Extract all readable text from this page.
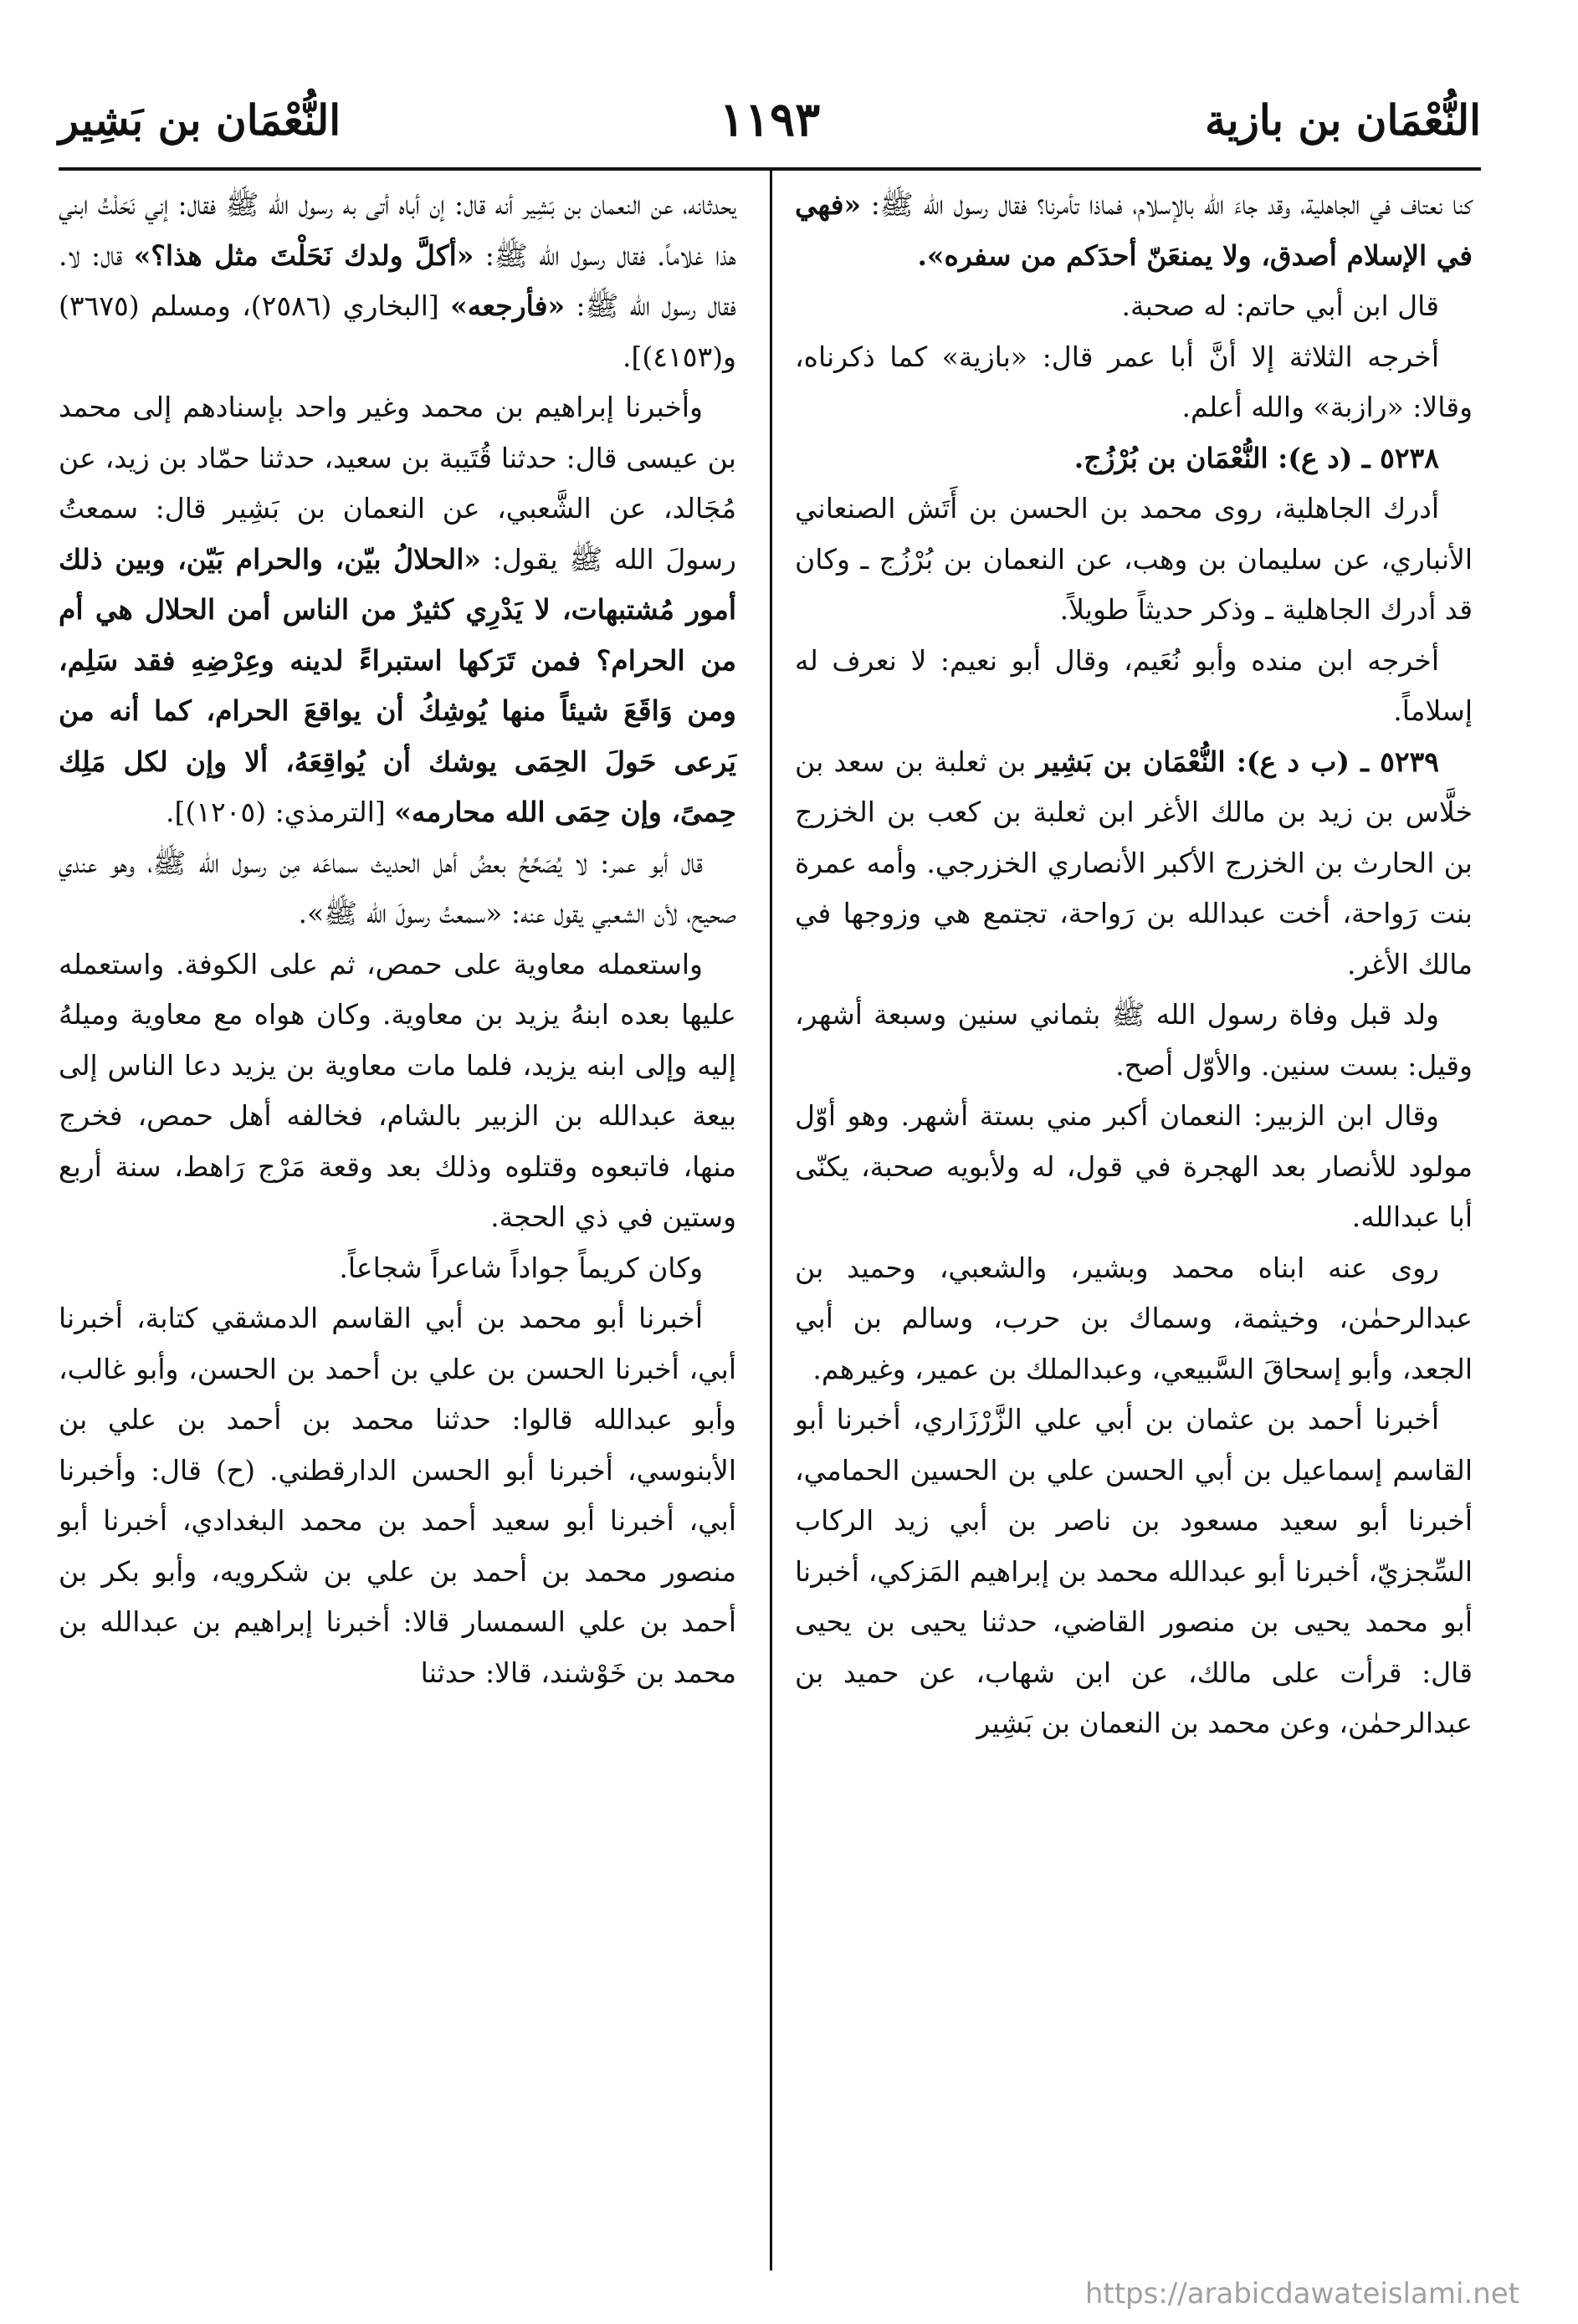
النُّعْمَان بن بازية
١١٩٣
النُّعْمَان بن بَشِير

كنا نعتاف في الجاهلية، وقد جاءَ الله بالإسلام، فماذا تأمرنا؟ فقال رسول الله ﷺ: «فهي في الإسلام أصدق، ولا يمنعَنّ أحدَكم من سفره».

قال ابن أبي حاتم: له صحبة.

أخرجه الثلاثة إلا أنَّ أبا عمر قال: «بازية» كما ذكرناه، وقالا: «رازبة» والله أعلم.

٥٢٣٨ ـ (د ع): النُّعْمَان بن بُرْزُج.

أدرك الجاهلية، روى محمد بن الحسن بن أَتَش الصنعاني الأنباري، عن سليمان بن وهب، عن النعمان بن بُرْزُج ـ وكان قد أدرك الجاهلية ـ وذكر حديثاً طويلاً.

أخرجه ابن منده وأبو نُعَيم، وقال أبو نعيم: لا نعرف له إسلاماً.

٥٢٣٩ ـ (ب د ع): النُّعْمَان بن بَشِير بن ثعلبة بن سعد بن خلَّاس بن زيد بن مالك الأغر ابن ثعلبة بن كعب بن الخزرج بن الحارث بن الخزرج الأكبر الأنصاري الخزرجي. وأمه عمرة بنت رَواحة، أخت عبدالله بن رَواحة، تجتمع هي وزوجها في مالك الأغر.

ولد قبل وفاة رسول الله ﷺ بثماني سنين وسبعة أشهر، وقيل: بست سنين. والأوّل أصح.

وقال ابن الزبير: النعمان أكبر مني بستة أشهر. وهو أوّل مولود للأنصار بعد الهجرة في قول، له ولأبويه صحبة، يكنّى أبا عبدالله.

روى عنه ابناه محمد وبشير، والشعبي، وحميد بن عبدالرحمٰن، وخيثمة، وسماك بن حرب، وسالم بن أبي الجعد، وأبو إسحاقَ السَّبيعي، وعبدالملك بن عمير، وغيرهم.

أخبرنا أحمد بن عثمان بن أبي علي الزَّرْزَاري، أخبرنا أبو القاسم إسماعيل بن أبي الحسن علي بن الحسين الحمامي، أخبرنا أبو سعيد مسعود بن ناصر بن أبي زيد الركاب السِّجزيّ، أخبرنا أبو عبدالله محمد بن إبراهيم المَزكي، أخبرنا أبو محمد يحيى بن منصور القاضي، حدثنا يحيى بن يحيى قال: قرأت على مالك، عن ابن شهاب، عن حميد بن عبدالرحمٰن، وعن محمد بن النعمان بن بَشِير

يحدثانه، عن النعمان بن بَشِير أنه قال: إن أباه أتى به رسول الله ﷺ فقال: إني نَحَلْتُ ابني هذا غلاماً. فقال رسول الله ﷺ: «أكلَّ ولدك نَحَلْتَ مثل هذا؟» قال: لا. فقال رسول الله ﷺ: «فأرجعه» [البخاري (٢٥٨٦)، ومسلم (٣٦٧٥) و(٤١٥٣)].

وأخبرنا إبراهيم بن محمد وغير واحد بإسنادهم إلى محمد بن عيسى قال: حدثنا قُتَيبة بن سعيد، حدثنا حمّاد بن زيد، عن مُجَالد، عن الشَّعبي، عن النعمان بن بَشِير قال: سمعتُ رسولَ الله ﷺ يقول: «الحلالُ بيّن، والحرام بَيّن، وبين ذلك أمور مُشتبهات، لا يَدْرِي كثيرٌ من الناس أمن الحلال هي أم من الحرام؟ فمن تَرَكها استبراءً لدينه وعِرْضِهِ فقد سَلِم، ومن وَاقَعَ شيئاً منها يُوشِكُ أن يواقعَ الحرام، كما أنه من يَرعى حَولَ الحِمَى يوشك أن يُواقِعَهُ، ألا وإن لكل مَلِك حِمىً، وإن حِمَى الله محارمه» [الترمذي: (١٢٠٥)].

قال أبو عمر: لا يُصَحِّحُ بعضُ أهل الحديث سماعَه مِن رسول الله ﷺ، وهو عندي صحيح، لأن الشعبي يقول عنه: «سمعتُ رسولَ الله ﷺ».

واستعمله معاوية على حمص، ثم على الكوفة. واستعمله عليها بعده ابنهُ يزيد بن معاوية. وكان هواه مع معاوية وميلهُ إليه وإلى ابنه يزيد، فلما مات معاوية بن يزيد دعا الناس إلى بيعة عبدالله بن الزبير بالشام، فخالفه أهل حمص، فخرج منها، فاتبعوه وقتلوه وذلك بعد وقعة مَرْج رَاهط، سنة أربع وستين في ذي الحجة.

وكان كريماً جواداً شاعراً شجاعاً.

أخبرنا أبو محمد بن أبي القاسم الدمشقي كتابة، أخبرنا أبي، أخبرنا الحسن بن علي بن أحمد بن الحسن، وأبو غالب، وأبو عبدالله قالوا: حدثنا محمد بن أحمد بن علي بن الأبنوسي، أخبرنا أبو الحسن الدارقطني. (ح) قال: وأخبرنا أبي، أخبرنا أبو سعيد أحمد بن محمد البغدادي، أخبرنا أبو منصور محمد بن أحمد بن علي بن شكرويه، وأبو بكر بن أحمد بن علي السمسار قالا: أخبرنا إبراهيم بن عبدالله بن محمد بن خَوْشند، قالا: حدثنا

https://arabicdawateislami.net
